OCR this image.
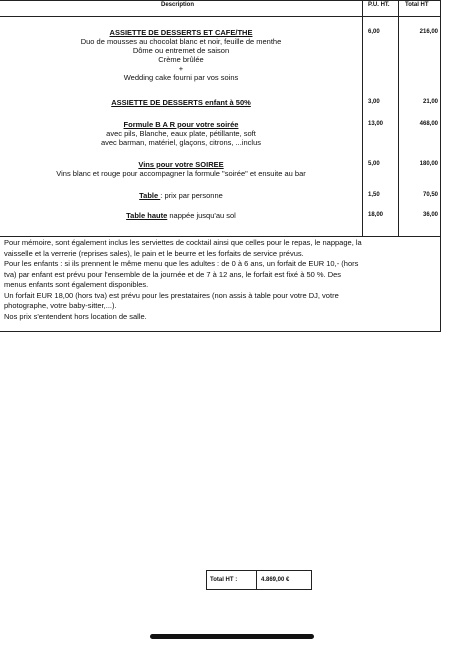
Description	P.U. HT.	Total HT
ASSIETTE DE DESSERTS ET CAFE/THE
Duo de mousses au chocolat blanc et noir, feuille de menthe
Dôme ou entremet de saison
Crème brûlée
+
Wedding cake fourni par vos soins
6,00	216,00
ASSIETTE DE DESSERTS enfant à 50%	3,00	21,00
Formule B A R pour votre soirée
avec pils, Blanche, eaux plate, pétillante, soft
avec barman, matériel, glaçons, citrons, ...inclus
13,00	468,00
Vins pour votre SOIREE
Vins blanc et rouge pour accompagner la formule "soirée" et ensuite au bar
5,00	180,00
Table : prix par personne	1,50	70,50
Table haute nappée jusqu'au sol	18,00	36,00

Pour mémoire, sont également inclus les serviettes de cocktail ainsi que celles pour le repas, le nappage, la vaisselle et la verrerie (reprises sales), le pain et le beurre et les forfaits de service prévus.

Pour les enfants : si ils prennent le même menu que les adultes : de 0 à 6 ans, un forfait de EUR 10,- (hors tva) par enfant est prévu pour l'ensemble de la journée et de 7 à 12 ans, le forfait est fixé à 50 %. Des menus enfants sont également disponibles.

Un forfait EUR 18,00 (hors tva) est prévu pour les prestataires (non assis à table pour votre DJ, votre photographe, votre baby-sitter,...).

Nos prix s'entendent hors location de salle.

Total HT :	4.869,00 €
